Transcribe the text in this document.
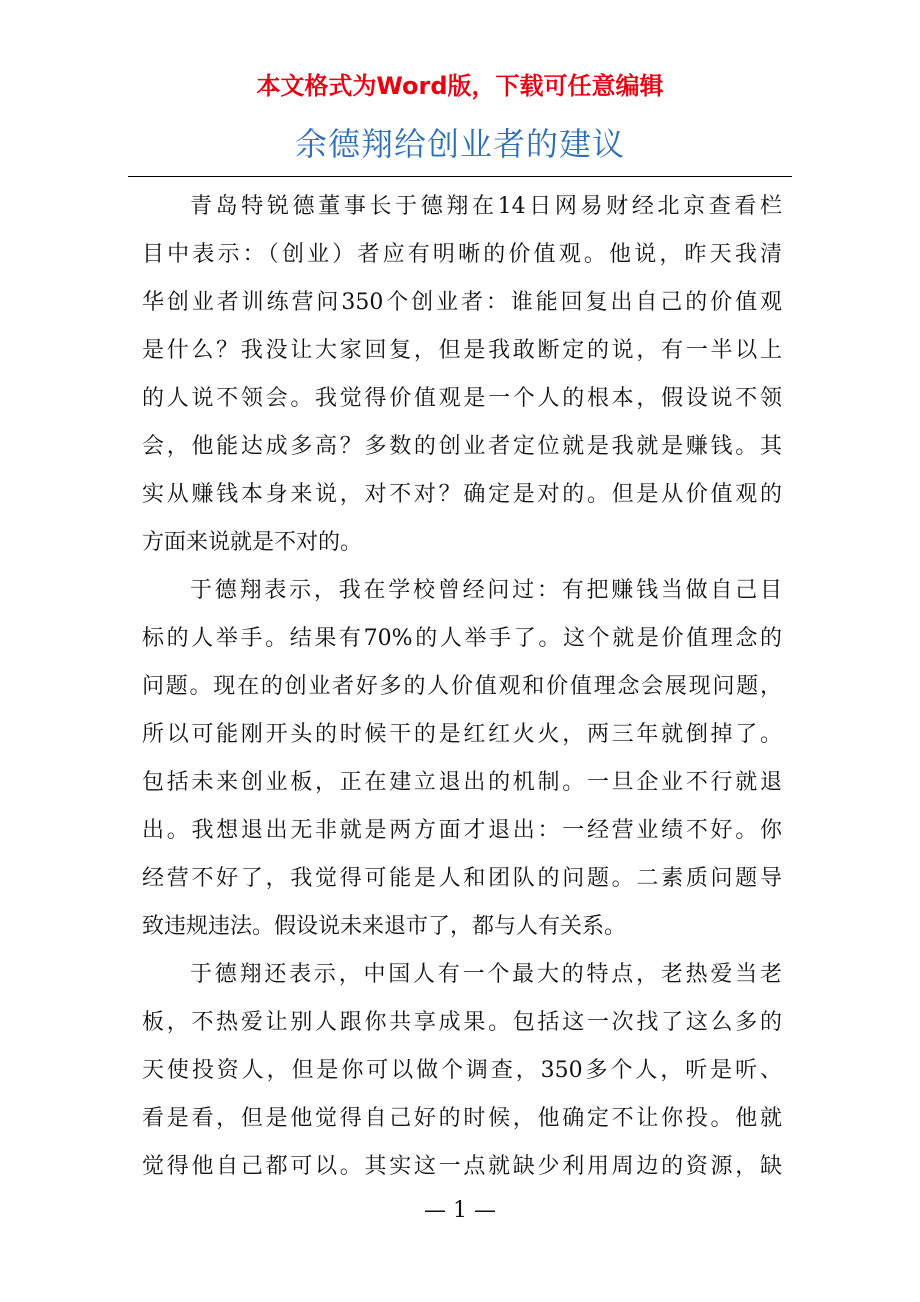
本文格式为Word版，下载可任意编辑
余德翔给创业者的建议
青岛特锐德董事长于德翔在14日网易财经北京查看栏
目中表示：（创业）者应有明晰的价值观。他说，昨天我清
华创业者训练营问350个创业者：谁能回复出自己的价值观
是什么？我没让大家回复，但是我敢断定的说，有一半以上
的人说不领会。我觉得价值观是一个人的根本，假设说不领
会，他能达成多高？多数的创业者定位就是我就是赚钱。其
实从赚钱本身来说，对不对？确定是对的。但是从价值观的
方面来说就是不对的。
于德翔表示，我在学校曾经问过：有把赚钱当做自己目
标的人举手。结果有70%的人举手了。这个就是价值理念的
问题。现在的创业者好多的人价值观和价值理念会展现问题，
所以可能刚开头的时候干的是红红火火，两三年就倒掉了。
包括未来创业板，正在建立退出的机制。一旦企业不行就退
出。我想退出无非就是两方面才退出：一经营业绩不好。你
经营不好了，我觉得可能是人和团队的问题。二素质问题导
致违规违法。假设说未来退市了，都与人有关系。
于德翔还表示，中国人有一个最大的特点，老热爱当老
板，不热爱让别人跟你共享成果。包括这一次找了这么多的
天使投资人，但是你可以做个调查，350多个人，听是听、
看是看，但是他觉得自己好的时候，他确定不让你投。他就
觉得他自己都可以。其实这一点就缺少利用周边的资源，缺
— 1 —
